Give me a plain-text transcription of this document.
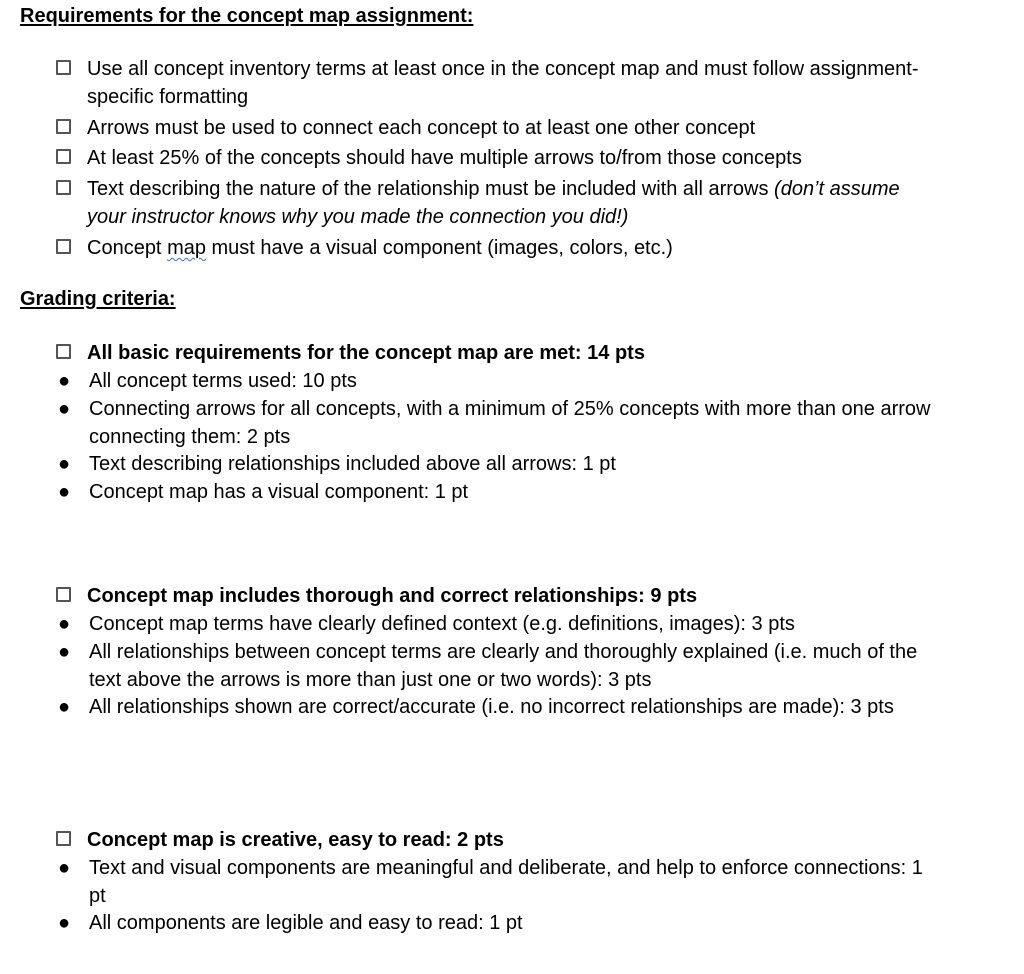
Requirements for the concept map assignment:
Use all concept inventory terms at least once in the concept map and must follow assignment-specific formatting
Arrows must be used to connect each concept to at least one other concept
At least 25% of the concepts should have multiple arrows to/from those concepts
Text describing the nature of the relationship must be included with all arrows (don’t assume your instructor knows why you made the connection you did!)
Concept map must have a visual component (images, colors, etc.)
Grading criteria:
All basic requirements for the concept map are met: 14 pts
● All concept terms used: 10 pts
● Connecting arrows for all concepts, with a minimum of 25% concepts with more than one arrow connecting them: 2 pts
● Text describing relationships included above all arrows: 1 pt
● Concept map has a visual component: 1 pt
Concept map includes thorough and correct relationships: 9 pts
● Concept map terms have clearly defined context (e.g. definitions, images): 3 pts
● All relationships between concept terms are clearly and thoroughly explained (i.e. much of the text above the arrows is more than just one or two words): 3 pts
● All relationships shown are correct/accurate (i.e. no incorrect relationships are made): 3 pts
Concept map is creative, easy to read: 2 pts
● Text and visual components are meaningful and deliberate, and help to enforce connections: 1 pt
● All components are legible and easy to read: 1 pt
